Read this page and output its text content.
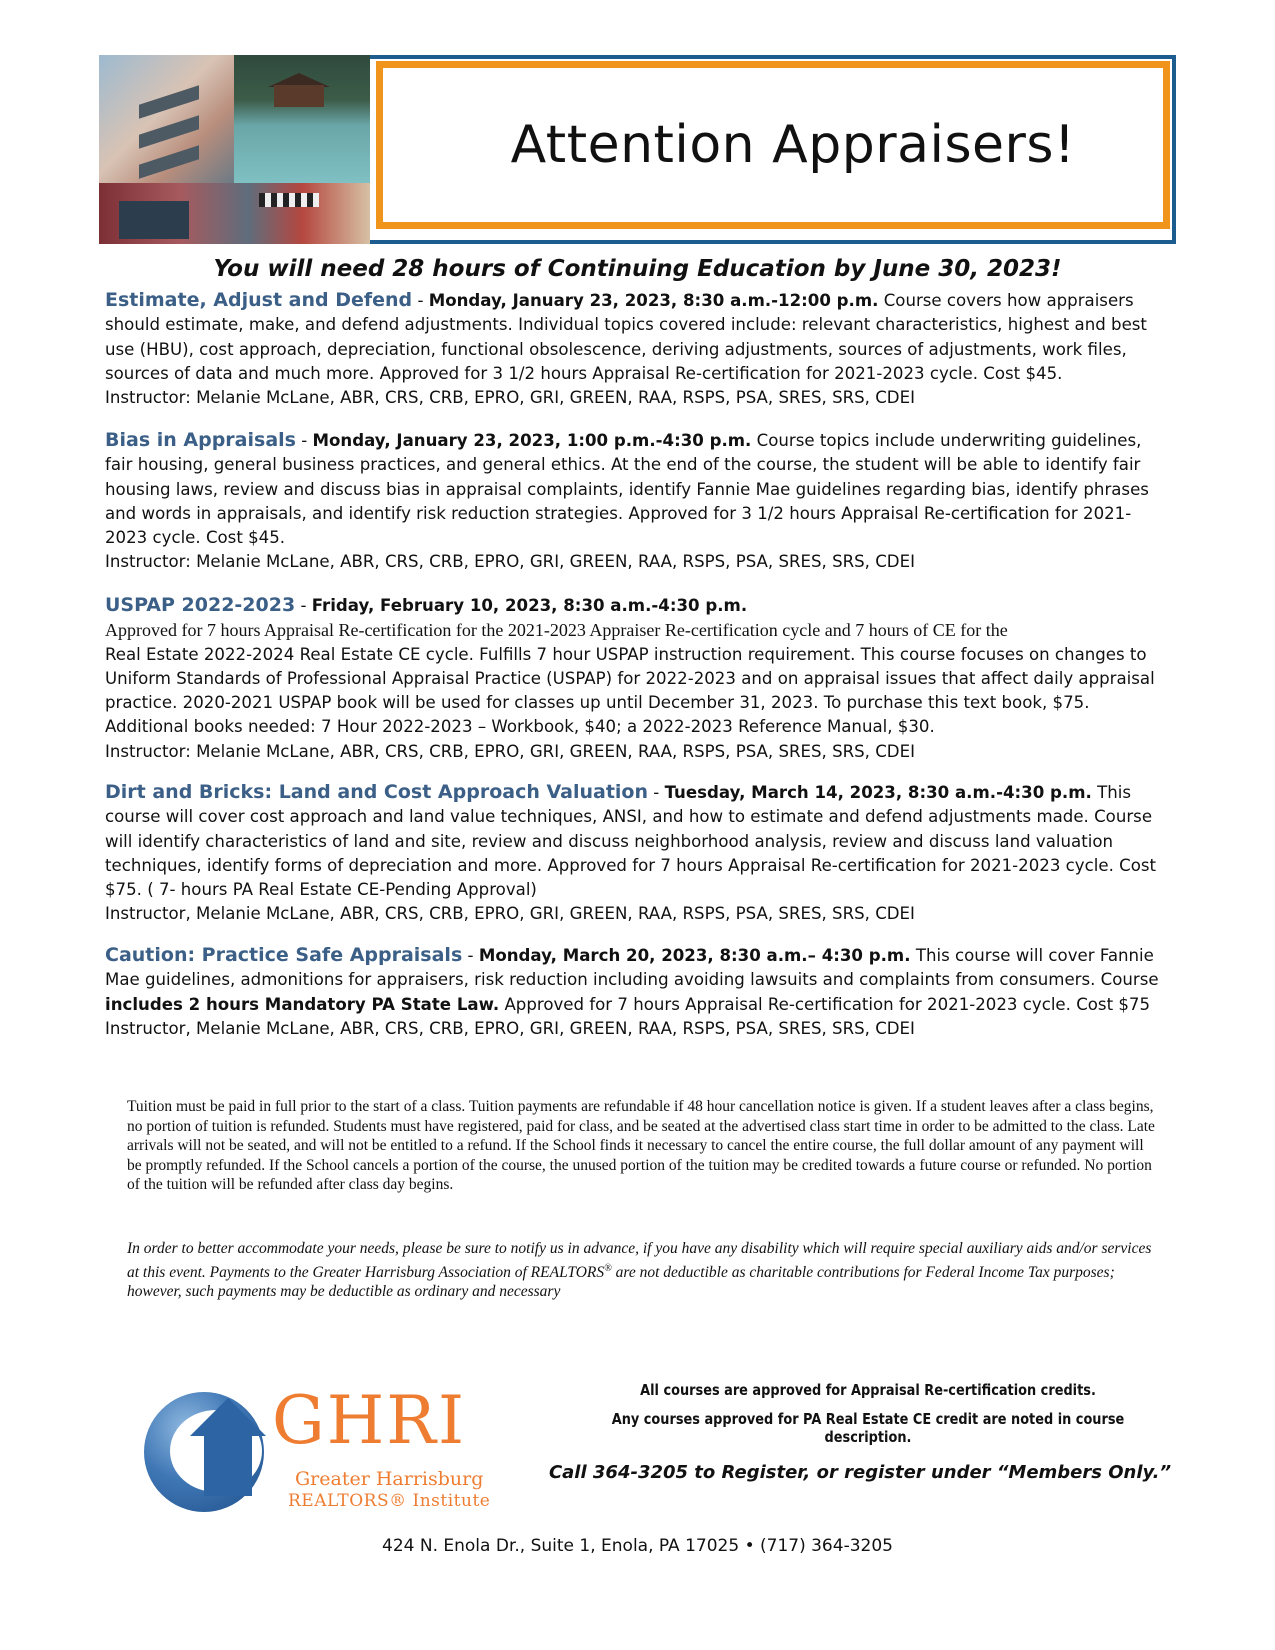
Attention Appraisers!
You will need 28 hours of Continuing Education by June 30, 2023!
Estimate, Adjust and Defend - Monday, January 23, 2023, 8:30 a.m.-12:00 p.m. Course covers how appraisers should estimate, make, and defend adjustments. Individual topics covered include: relevant characteristics, highest and best use (HBU), cost approach, depreciation, functional obsolescence, deriving adjustments, sources of adjustments, work files, sources of data and much more. Approved for 3 1/2 hours Appraisal Re-certification for 2021-2023 cycle. Cost $45.
Instructor: Melanie McLane, ABR, CRS, CRB, EPRO, GRI, GREEN, RAA, RSPS, PSA, SRES, SRS, CDEI
Bias in Appraisals - Monday, January 23, 2023, 1:00 p.m.-4:30 p.m. Course topics include underwriting guidelines, fair housing, general business practices, and general ethics. At the end of the course, the student will be able to identify fair housing laws, review and discuss bias in appraisal complaints, identify Fannie Mae guidelines regarding bias, identify phrases and words in appraisals, and identify risk reduction strategies. Approved for 3 1/2 hours Appraisal Re-certification for 2021-2023 cycle. Cost $45.
Instructor: Melanie McLane, ABR, CRS, CRB, EPRO, GRI, GREEN, RAA, RSPS, PSA, SRES, SRS, CDEI
USPAP 2022-2023 - Friday, February 10, 2023, 8:30 a.m.-4:30 p.m.
Approved for 7 hours Appraisal Re-certification for the 2021-2023 Appraiser Re-certification cycle and 7 hours of CE for the
Real Estate 2022-2024 Real Estate CE cycle. Fulfills 7 hour USPAP instruction requirement. This course focuses on changes to Uniform Standards of Professional Appraisal Practice (USPAP) for 2022-2023 and on appraisal issues that affect daily appraisal practice. 2020-2021 USPAP book will be used for classes up until December 31, 2023. To purchase this text book, $75. Additional books needed: 7 Hour 2022-2023 – Workbook, $40; a 2022-2023 Reference Manual, $30.
Instructor: Melanie McLane, ABR, CRS, CRB, EPRO, GRI, GREEN, RAA, RSPS, PSA, SRES, SRS, CDEI
Dirt and Bricks: Land and Cost Approach Valuation - Tuesday, March 14, 2023, 8:30 a.m.-4:30 p.m. This course will cover cost approach and land value techniques, ANSI, and how to estimate and defend adjustments made. Course will identify characteristics of land and site, review and discuss neighborhood analysis, review and discuss land valuation techniques, identify forms of depreciation and more. Approved for 7 hours Appraisal Re-certification for 2021-2023 cycle. Cost $75. ( 7- hours PA Real Estate CE-Pending Approval)
Instructor, Melanie McLane, ABR, CRS, CRB, EPRO, GRI, GREEN, RAA, RSPS, PSA, SRES, SRS, CDEI
Caution: Practice Safe Appraisals - Monday, March 20, 2023, 8:30 a.m.– 4:30 p.m. This course will cover Fannie Mae guidelines, admonitions for appraisers, risk reduction including avoiding lawsuits and complaints from consumers. Course includes 2 hours Mandatory PA State Law. Approved for 7 hours Appraisal Re-certification for 2021-2023 cycle. Cost $75
Instructor, Melanie McLane, ABR, CRS, CRB, EPRO, GRI, GREEN, RAA, RSPS, PSA, SRES, SRS, CDEI
Tuition must be paid in full prior to the start of a class. Tuition payments are refundable if 48 hour cancellation notice is given. If a student leaves after a class begins, no portion of tuition is refunded. Students must have registered, paid for class, and be seated at the advertised class start time in order to be admitted to the class. Late arrivals will not be seated, and will not be entitled to a refund. If the School finds it necessary to cancel the entire course, the full dollar amount of any payment will be promptly refunded. If the School cancels a portion of the course, the unused portion of the tuition may be credited towards a future course or refunded. No portion of the tuition will be refunded after class day begins.
In order to better accommodate your needs, please be sure to notify us in advance, if you have any disability which will require special auxiliary aids and/or services at this event. Payments to the Greater Harrisburg Association of REALTORS® are not deductible as charitable contributions for Federal Income Tax purposes; however, such payments may be deductible as ordinary and necessary
GHRI
Greater Harrisburg
REALTORS® Institute
All courses are approved for Appraisal Re-certification credits.
Any courses approved for PA Real Estate CE credit are noted in course description.
Call 364-3205 to Register, or register under “Members Only.”
424 N. Enola Dr., Suite 1, Enola, PA 17025 • (717) 364-3205
